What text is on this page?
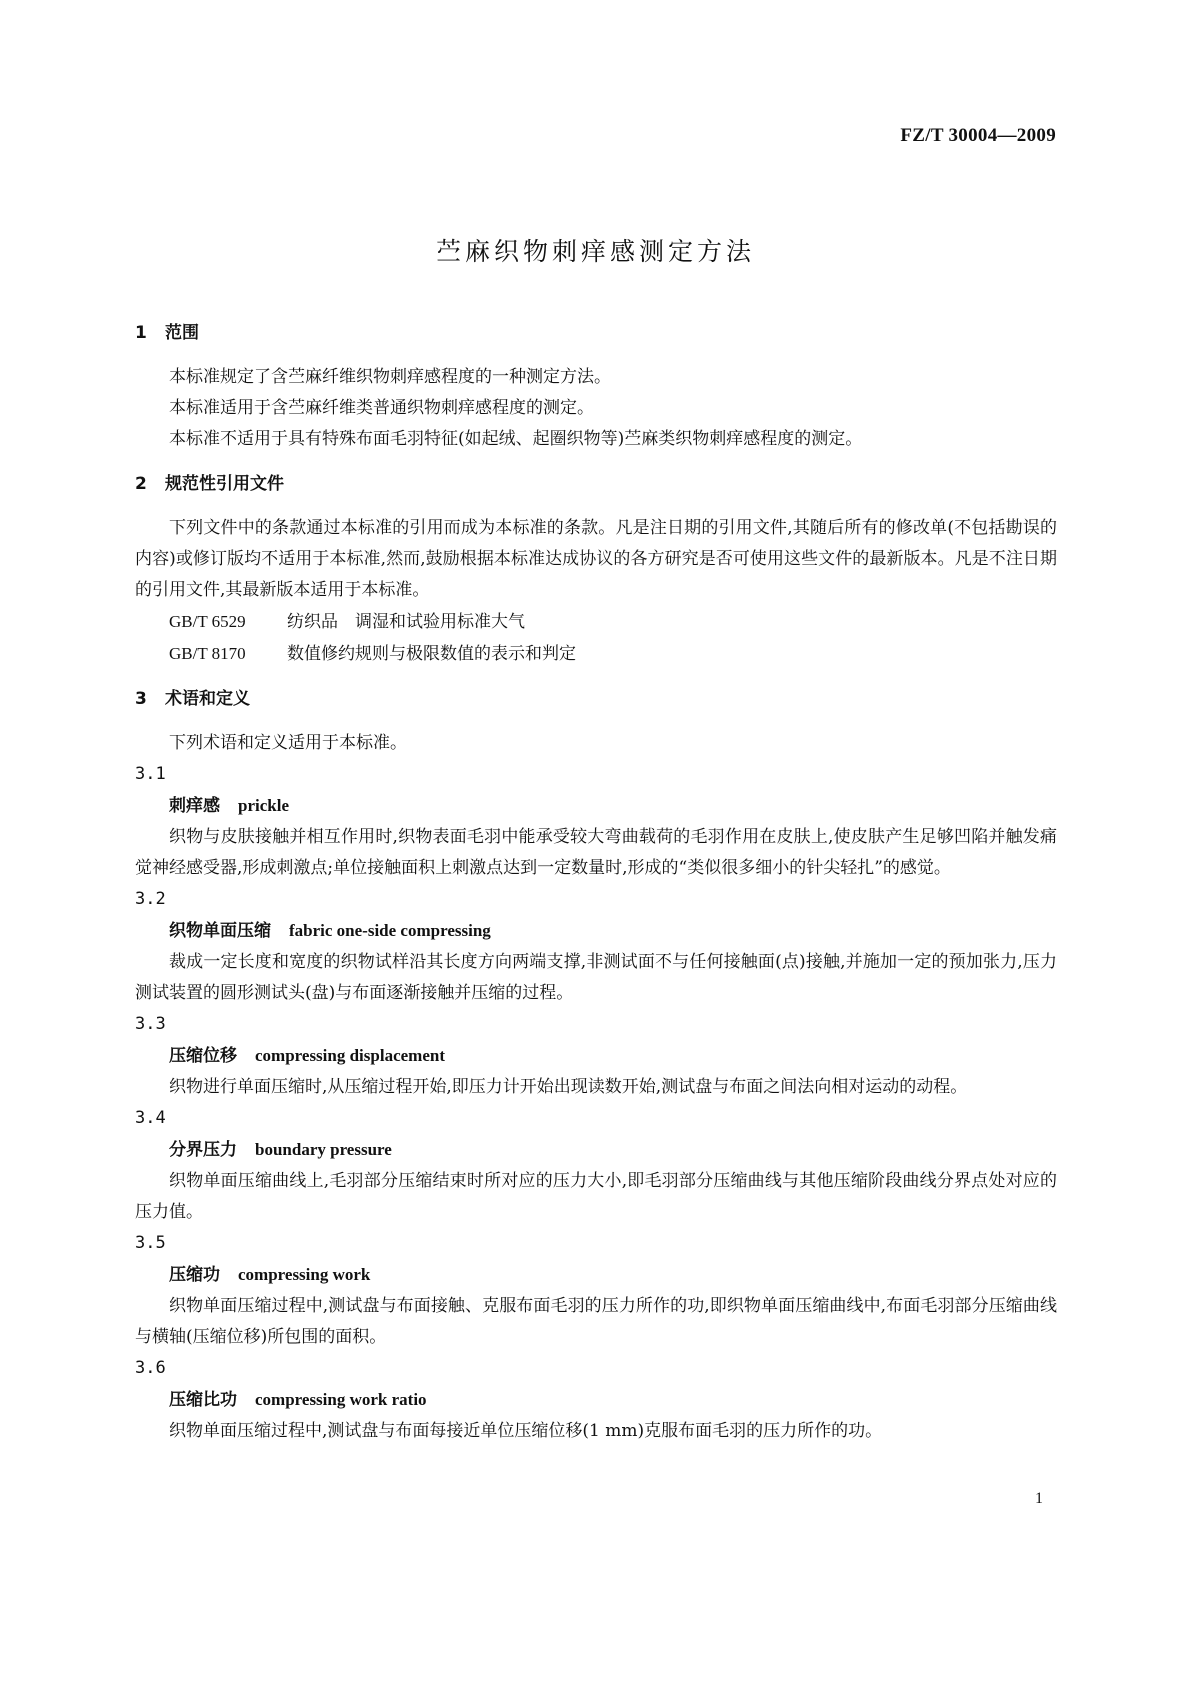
FZ/T 30004—2009
苎麻织物刺痒感测定方法
1 范围

本标准规定了含苎麻纤维织物刺痒感程度的一种测定方法。

本标准适用于含苎麻纤维类普通织物刺痒感程度的测定。

本标准不适用于具有特殊布面毛羽特征(如起绒、起圈织物等)苎麻类织物刺痒感程度的测定。

2 规范性引用文件

下列文件中的条款通过本标准的引用而成为本标准的条款。凡是注日期的引用文件,其随后所有的修改单(不包括勘误的内容)或修订版均不适用于本标准,然而,鼓励根据本标准达成协议的各方研究是否可使用这些文件的最新版本。凡是不注日期的引用文件,其最新版本适用于本标准。

GB/T 6529 纺织品　调湿和试验用标准大气

GB/T 8170 数值修约规则与极限数值的表示和判定

3 术语和定义

下列术语和定义适用于本标准。

3.1

刺痒感 prickle

织物与皮肤接触并相互作用时,织物表面毛羽中能承受较大弯曲载荷的毛羽作用在皮肤上,使皮肤产生足够凹陷并触发痛觉神经感受器,形成刺激点;单位接触面积上刺激点达到一定数量时,形成的“类似很多细小的针尖轻扎”的感觉。

3.2

织物单面压缩 fabric one-side compressing

裁成一定长度和宽度的织物试样沿其长度方向两端支撑,非测试面不与任何接触面(点)接触,并施加一定的预加张力,压力测试装置的圆形测试头(盘)与布面逐渐接触并压缩的过程。

3.3

压缩位移 compressing displacement

织物进行单面压缩时,从压缩过程开始,即压力计开始出现读数开始,测试盘与布面之间法向相对运动的动程。

3.4

分界压力 boundary pressure

织物单面压缩曲线上,毛羽部分压缩结束时所对应的压力大小,即毛羽部分压缩曲线与其他压缩阶段曲线分界点处对应的压力值。

3.5

压缩功 compressing work

织物单面压缩过程中,测试盘与布面接触、克服布面毛羽的压力所作的功,即织物单面压缩曲线中,布面毛羽部分压缩曲线与横轴(压缩位移)所包围的面积。

3.6

压缩比功 compressing work ratio

织物单面压缩过程中,测试盘与布面每接近单位压缩位移(1 mm)克服布面毛羽的压力所作的功。

1
